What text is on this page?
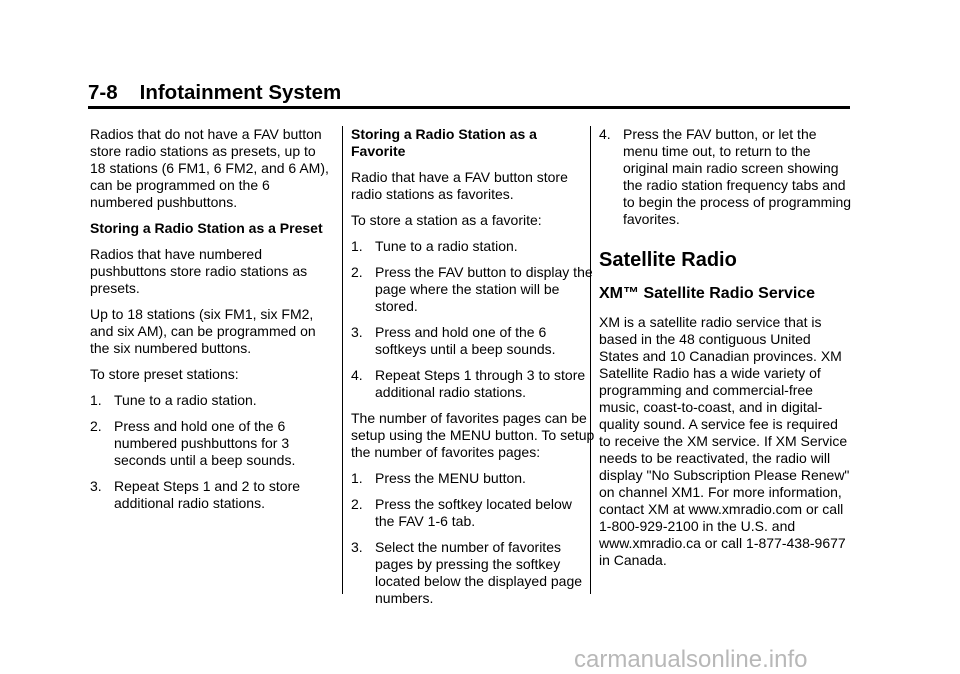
7-8 Infotainment System

Radios that do not have a FAV button store radio stations as presets, up to 18 stations (6 FM1, 6 FM2, and 6 AM), can be programmed on the 6 numbered pushbuttons.

Storing a Radio Station as a Preset

Radios that have numbered pushbuttons store radio stations as presets.

Up to 18 stations (six FM1, six FM2, and six AM), can be programmed on the six numbered buttons.

To store preset stations:

1. Tune to a radio station.
2. Press and hold one of the 6 numbered pushbuttons for 3 seconds until a beep sounds.
3. Repeat Steps 1 and 2 to store additional radio stations.

Storing a Radio Station as a Favorite

Radio that have a FAV button store radio stations as favorites.

To store a station as a favorite:

1. Tune to a radio station.
2. Press the FAV button to display the page where the station will be stored.
3. Press and hold one of the 6 softkeys until a beep sounds.
4. Repeat Steps 1 through 3 to store additional radio stations.

The number of favorites pages can be setup using the MENU button. To setup the number of favorites pages:

1. Press the MENU button.
2. Press the softkey located below the FAV 1-6 tab.
3. Select the number of favorites pages by pressing the softkey located below the displayed page numbers.
4. Press the FAV button, or let the menu time out, to return to the original main radio screen showing the radio station frequency tabs and to begin the process of programming favorites.
Satellite Radio
XM™ Satellite Radio Service

XM is a satellite radio service that is based in the 48 contiguous United States and 10 Canadian provinces. XM Satellite Radio has a wide variety of programming and commercial-free music, coast-to-coast, and in digital-quality sound. A service fee is required to receive the XM service. If XM Service needs to be reactivated, the radio will display "No Subscription Please Renew" on channel XM1. For more information, contact XM at www.xmradio.com or call 1-800-929-2100 in the U.S. and www.xmradio.ca or call 1-877-438-9677 in Canada.

carmanualsonline.info
